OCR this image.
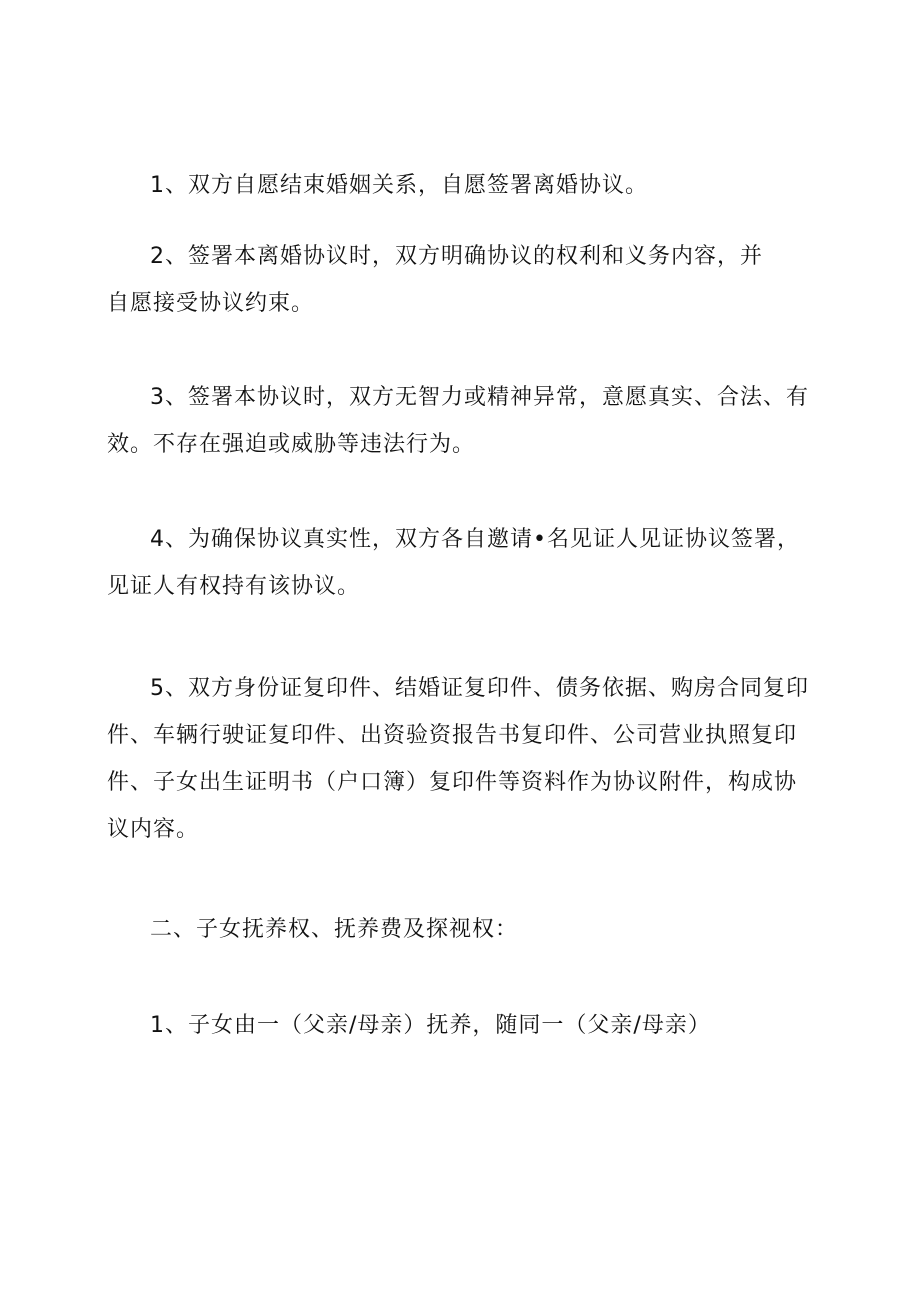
1、双方自愿结束婚姻关系，自愿签署离婚协议。
2、签署本离婚协议时，双方明确协议的权利和义务内容，并
自愿接受协议约束。
3、签署本协议时，双方无智力或精神异常，意愿真实、合法、有
效。不存在强迫或威胁等违法行为。
4、为确保协议真实性，双方各自邀请•名见证人见证协议签署，
见证人有权持有该协议。
5、双方身份证复印件、结婚证复印件、债务依据、购房合同复印
件、车辆行驶证复印件、出资验资报告书复印件、公司营业执照复印
件、子女出生证明书（户口簿）复印件等资料作为协议附件，构成协
议内容。
二、子女抚养权、抚养费及探视权：
1、子女由一（父亲/母亲）抚养，随同一（父亲/母亲）
